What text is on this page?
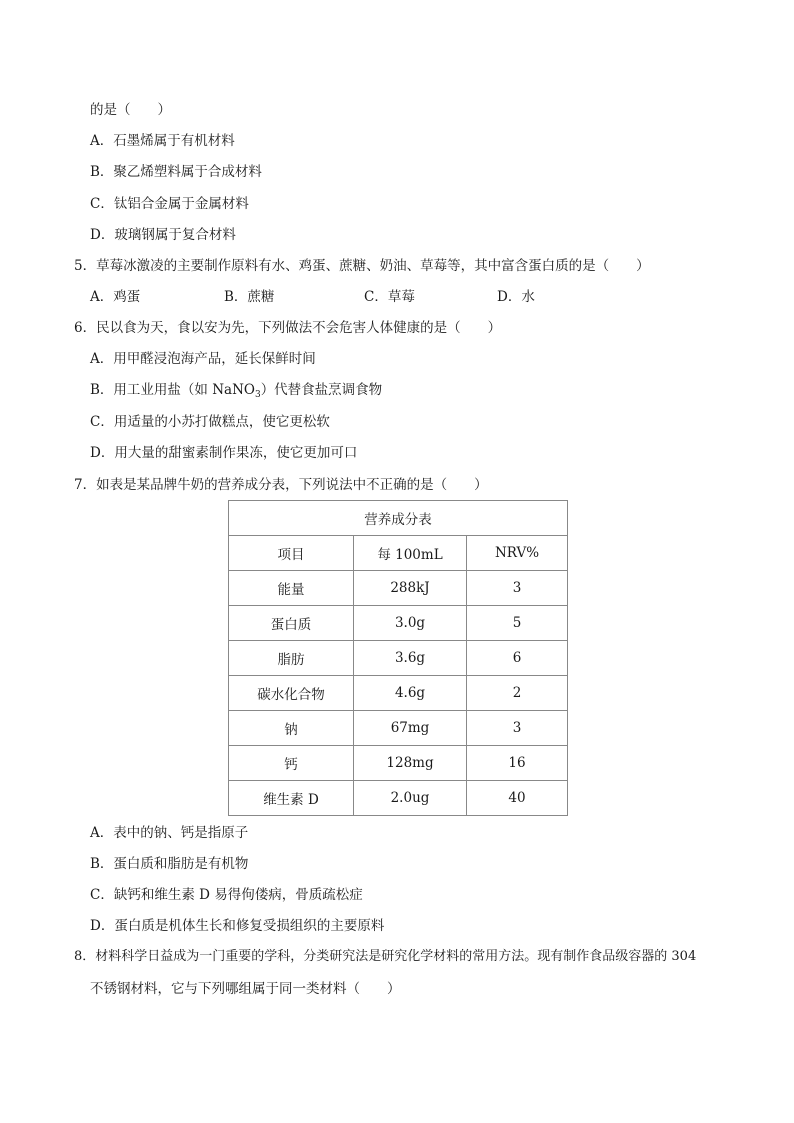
的是（　　）
A．石墨烯属于有机材料
B．聚乙烯塑料属于合成材料
C．钛铝合金属于金属材料
D．玻璃钢属于复合材料
5．草莓冰激凌的主要制作原料有水、鸡蛋、蔗糖、奶油、草莓等，其中富含蛋白质的是（　　）
A．鸡蛋	B．蔗糖	C．草莓	D．水
6．民以食为天，食以安为先，下列做法不会危害人体健康的是（　　）
A．用甲醛浸泡海产品，延长保鲜时间
B．用工业用盐（如 NaNO$_3$）代替食盐烹调食物
C．用适量的小苏打做糕点，使它更松软
D．用大量的甜蜜素制作果冻，使它更加可口
7．如表是某品牌牛奶的营养成分表，下列说法中不正确的是（　　）
营养成分表		
项目	每 100mL	NRV%
能量	288kJ	3
蛋白质	3.0g	5
脂肪	3.6g	6
碳水化合物	4.6g	2
钠	67mg	3
钙	128mg	16
维生素 D	2.0ug	40
A．表中的钠、钙是指原子
B．蛋白质和脂肪是有机物
C．缺钙和维生素 D 易得佝偻病，骨质疏松症
D．蛋白质是机体生长和修复受损组织的主要原料
8．材料科学日益成为一门重要的学科，分类研究法是研究化学材料的常用方法。现有制作食品级容器的 304
不锈钢材料，它与下列哪组属于同一类材料（　　）
